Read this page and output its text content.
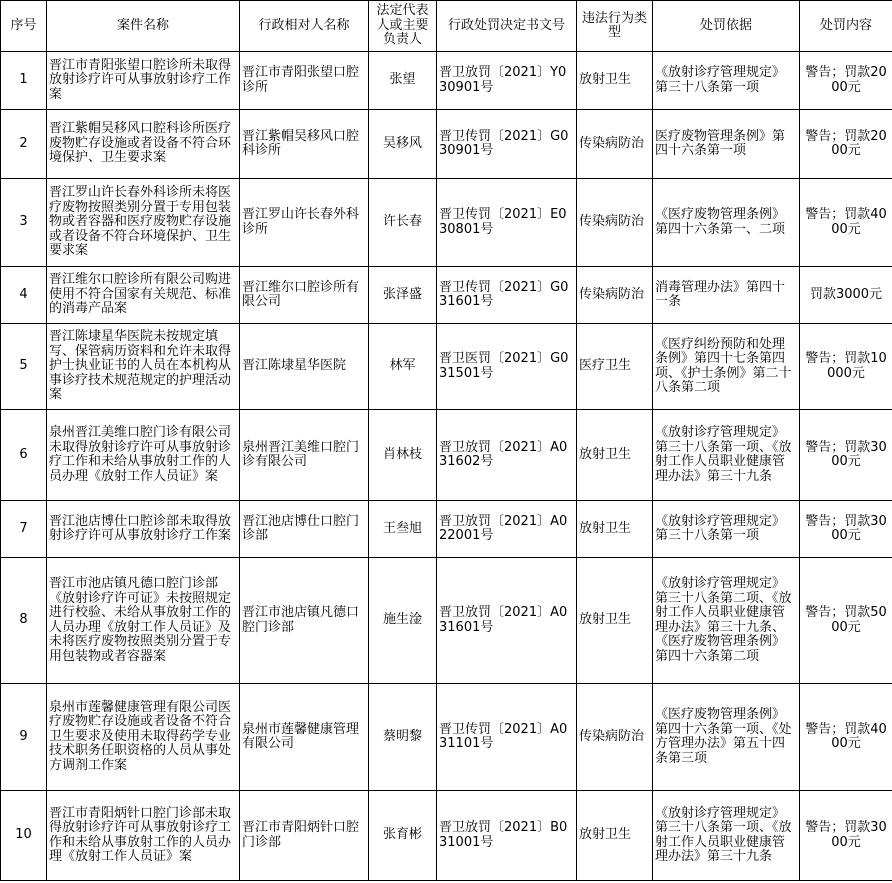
序号	案件名称	行政相对人名称	法定代表人或主要负责人	行政处罚决定书文号	违法行为类型	处罚依据	处罚内容
1	晋江市青阳张望口腔诊所未取得放射诊疗许可从事放射诊疗工作案	晋江市青阳张望口腔诊所	张望	晋卫放罚〔2021〕Y030901号	放射卫生	《放射诊疗管理规定》第三十八条第一项	警告；罚款2000元
2	晋江紫帽吴移风口腔科诊所医疗废物贮存设施或者设备不符合环境保护、卫生要求案	晋江紫帽吴移风口腔科诊所	吴移风	晋卫传罚〔2021〕G030901号	传染病防治	医疗废物管理条例》第四十六条第一项	警告；罚款2000元
3	晋江罗山许长春外科诊所未将医疗废物按照类别分置于专用包装物或者容器和医疗废物贮存设施或者设备不符合环境保护、卫生要求案	晋江罗山许长春外科诊所	许长春	晋卫传罚〔2021〕E030801号	传染病防治	《医疗废物管理条例》第四十六条第一、二项	警告；罚款4000元
4	晋江维尔口腔诊所有限公司购进使用不符合国家有关规范、标准的消毒产品案	晋江维尔口腔诊所有限公司	张泽盛	晋卫传罚〔2021〕G031601号	传染病防治	消毒管理办法》第四十一条	罚款3000元
5	晋江陈埭星华医院未按规定填写、保管病历资料和允许未取得护士执业证书的人员在本机构从事诊疗技术规范规定的护理活动案	晋江陈埭星华医院	林军	晋卫医罚〔2021〕G031501号	医疗卫生	《医疗纠纷预防和处理条例》第四十七条第四项、《护士条例》第二十八条第二项	警告；罚款10000元
6	泉州晋江美维口腔门诊有限公司未取得放射诊疗许可从事放射诊疗工作和未给从事放射工作的人员办理《放射工作人员证》案	泉州晋江美维口腔门诊有限公司	肖林枝	晋卫放罚〔2021〕A031602号	放射卫生	《放射诊疗管理规定》第三十八条第一项、《放射工作人员职业健康管理办法》第三十九条	警告；罚款3000元
7	晋江池店博仕口腔诊部未取得放射诊疗许可从事放射诊疗工作案	晋江池店博仕口腔门诊部	王叁旭	晋卫放罚〔2021〕A022001号	放射卫生	《放射诊疗管理规定》第三十八条第一项	警告；罚款3000元
8	晋江市池店镇凡德口腔门诊部《放射诊疗许可证》未按照规定进行校验、未给从事放射工作的人员办理《放射工作人员证》及未将医疗废物按照类别分置于专用包装物或者容器案	晋江市池店镇凡德口腔门诊部	施生淦	晋卫放罚〔2021〕A031601号	放射卫生	《放射诊疗管理规定》第三十八条第二项、《放射工作人员职业健康管理办法》第三十九条、《医疗废物管理条例》第四十六条第二项	警告；罚款5000元
9	泉州市莲馨健康管理有限公司医疗废物贮存设施或者设备不符合卫生要求及使用未取得药学专业技术职务任职资格的人员从事处方调剂工作案	泉州市莲馨健康管理有限公司	蔡明黎	晋卫传罚〔2021〕A031101号	传染病防治	《医疗废物管理条例》第四十六条第一项、《处方管理办法》第五十四条第三项	警告；罚款4000元
10	晋江市青阳炳针口腔门诊部未取得放射诊疗许可从事放射诊疗工作和未给从事放射工作的人员办理《放射工作人员证》案	晋江市青阳炳针口腔门诊部	张育彬	晋卫放罚〔2021〕B031001号	放射卫生	《放射诊疗管理规定》第三十八条第一项、《放射工作人员职业健康管理办法》第三十九条	警告；罚款3000元
